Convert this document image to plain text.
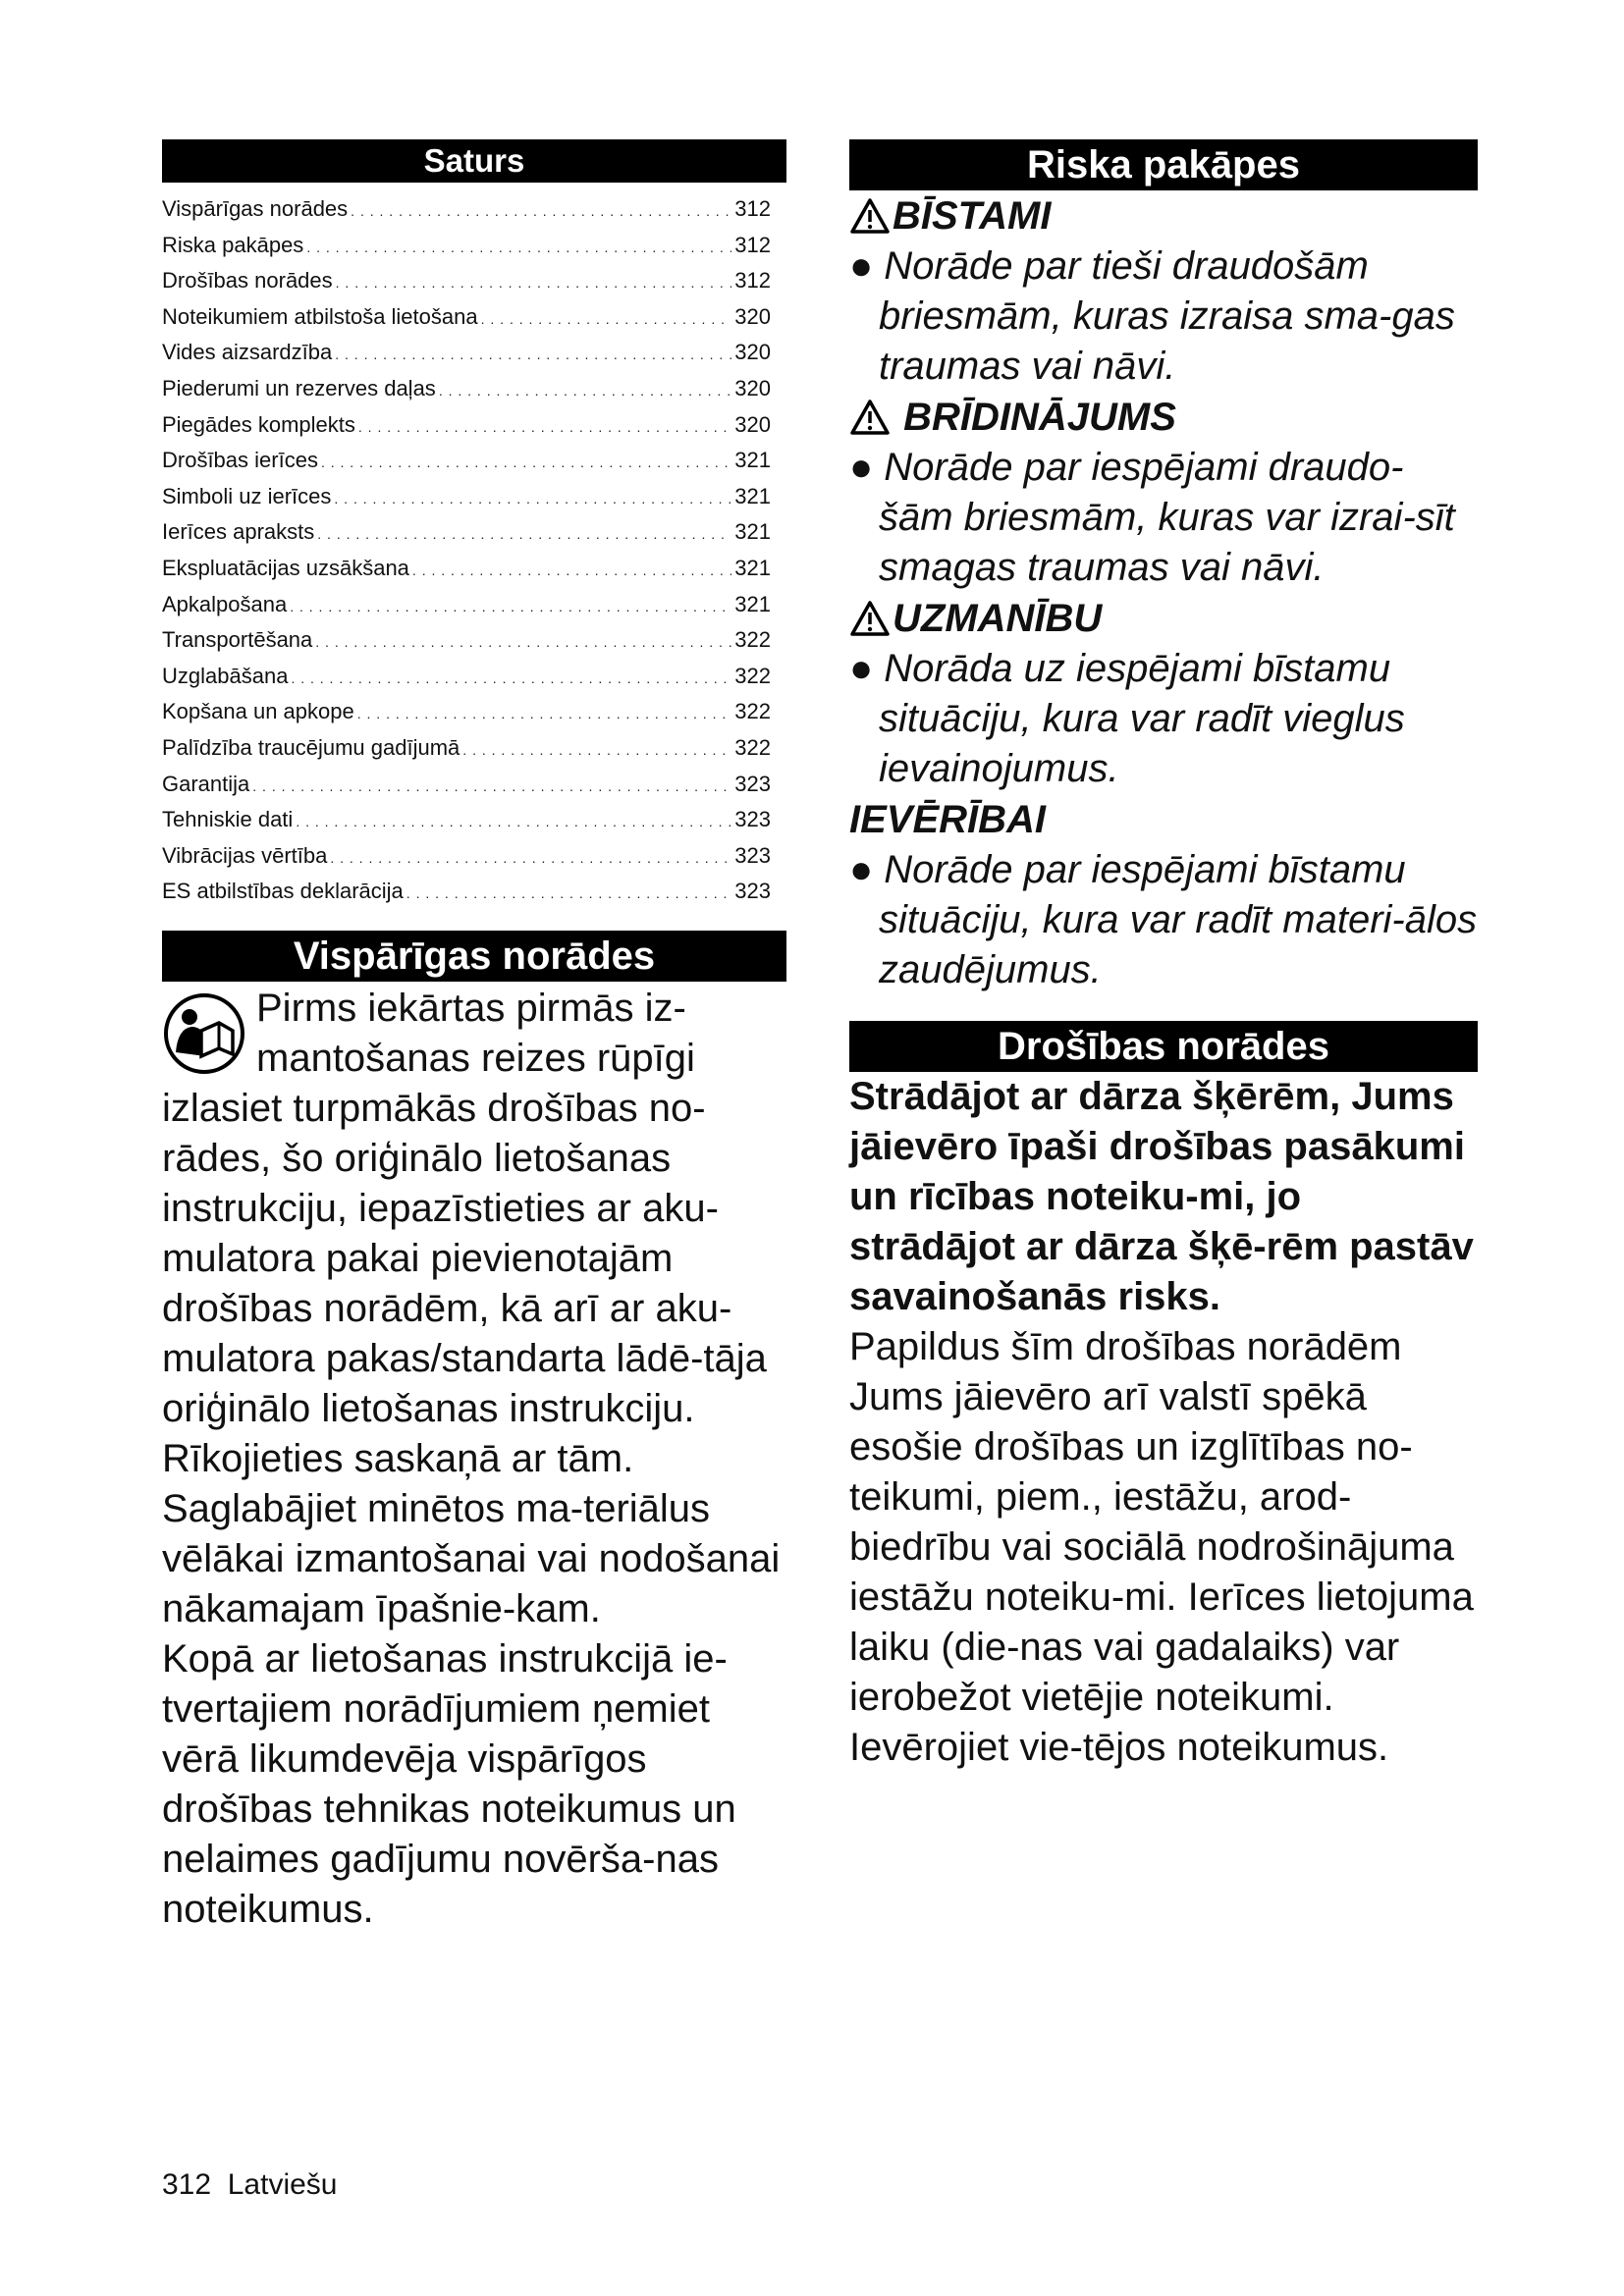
Saturs
Vispārīgas norādes . . .	312
Riska pakāpes . . .	312
Drošības norādes . . .	312
Noteikumiem atbilstoša lietošana . . .	320
Vides aizsardzība . . .	320
Piederumi un rezerves daļas . . .	320
Piegādes komplekts . . .	320
Drošības ierīces . . .	321
Simboli uz ierīces . . .	321
Ierīces apraksts . . .	321
Ekspluatācijas uzsākšana . . .	321
Apkalpošana . . .	321
Transportēšana . . .	322
Uzglabāšana . . .	322
Kopšana un apkope . . .	322
Palīdzība traucējumu gadījumā . . .	322
Garantija . . .	323
Tehniskie dati . . .	323
Vibrācijas vērtība . . .	323
ES atbilstības deklarācija . . .	323
Vispārīgas norādes

Pirms iekārtas pirmās iz-mantošanas reizes rūpīgi

izlasiet turpmākās drošības no-rādes, šo oriģinālo lietošanas instrukciju, iepazīstieties ar aku-mulatora pakai pievienotajām drošības norādēm, kā arī ar aku-mulatora pakas/standarta lādē-tāja oriģinālo lietošanas instrukciju. Rīkojieties saskaņā ar tām. Saglabājiet minētos ma-teriālus vēlākai izmantošanai vai nodošanai nākamajam īpašnie-kam.

Kopā ar lietošanas instrukcijā ie-tvertajiem norādījumiem ņemiet vērā likumdevēja vispārīgos drošības tehnikas noteikumus un nelaimes gadījumu novērša-nas noteikumus.

Riska pakāpes

BĪSTAMI

● Norāde par tieši draudošām briesmām, kuras izraisa sma-gas traumas vai nāvi.

BRĪDINĀJUMS

● Norāde par iespējami draudo-šām briesmām, kuras var izrai-sīt smagas traumas vai nāvi.

UZMANĪBU

● Norāda uz iespējami bīstamu situāciju, kura var radīt vieglus ievainojumus.

IEVĒRĪBAI

● Norāde par iespējami bīstamu situāciju, kura var radīt materi-ālos zaudējumus.

Drošības norādes

Strādājot ar dārza šķērēm, Jums jāievēro īpaši drošības pasākumi un rīcības noteiku-mi, jo strādājot ar dārza šķē-rēm pastāv savainošanās risks.

Papildus šīm drošības norādēm Jums jāievēro arī valstī spēkā esošie drošības un izglītības no-teikumi, piem., iestāžu, arod-biedrību vai sociālā nodrošinājuma iestāžu noteiku-mi. Ierīces lietojuma laiku (die-nas vai gadalaiks) var ierobežot vietējie noteikumi. Ievērojiet vie-tējos noteikumus.

312 Latviešu
